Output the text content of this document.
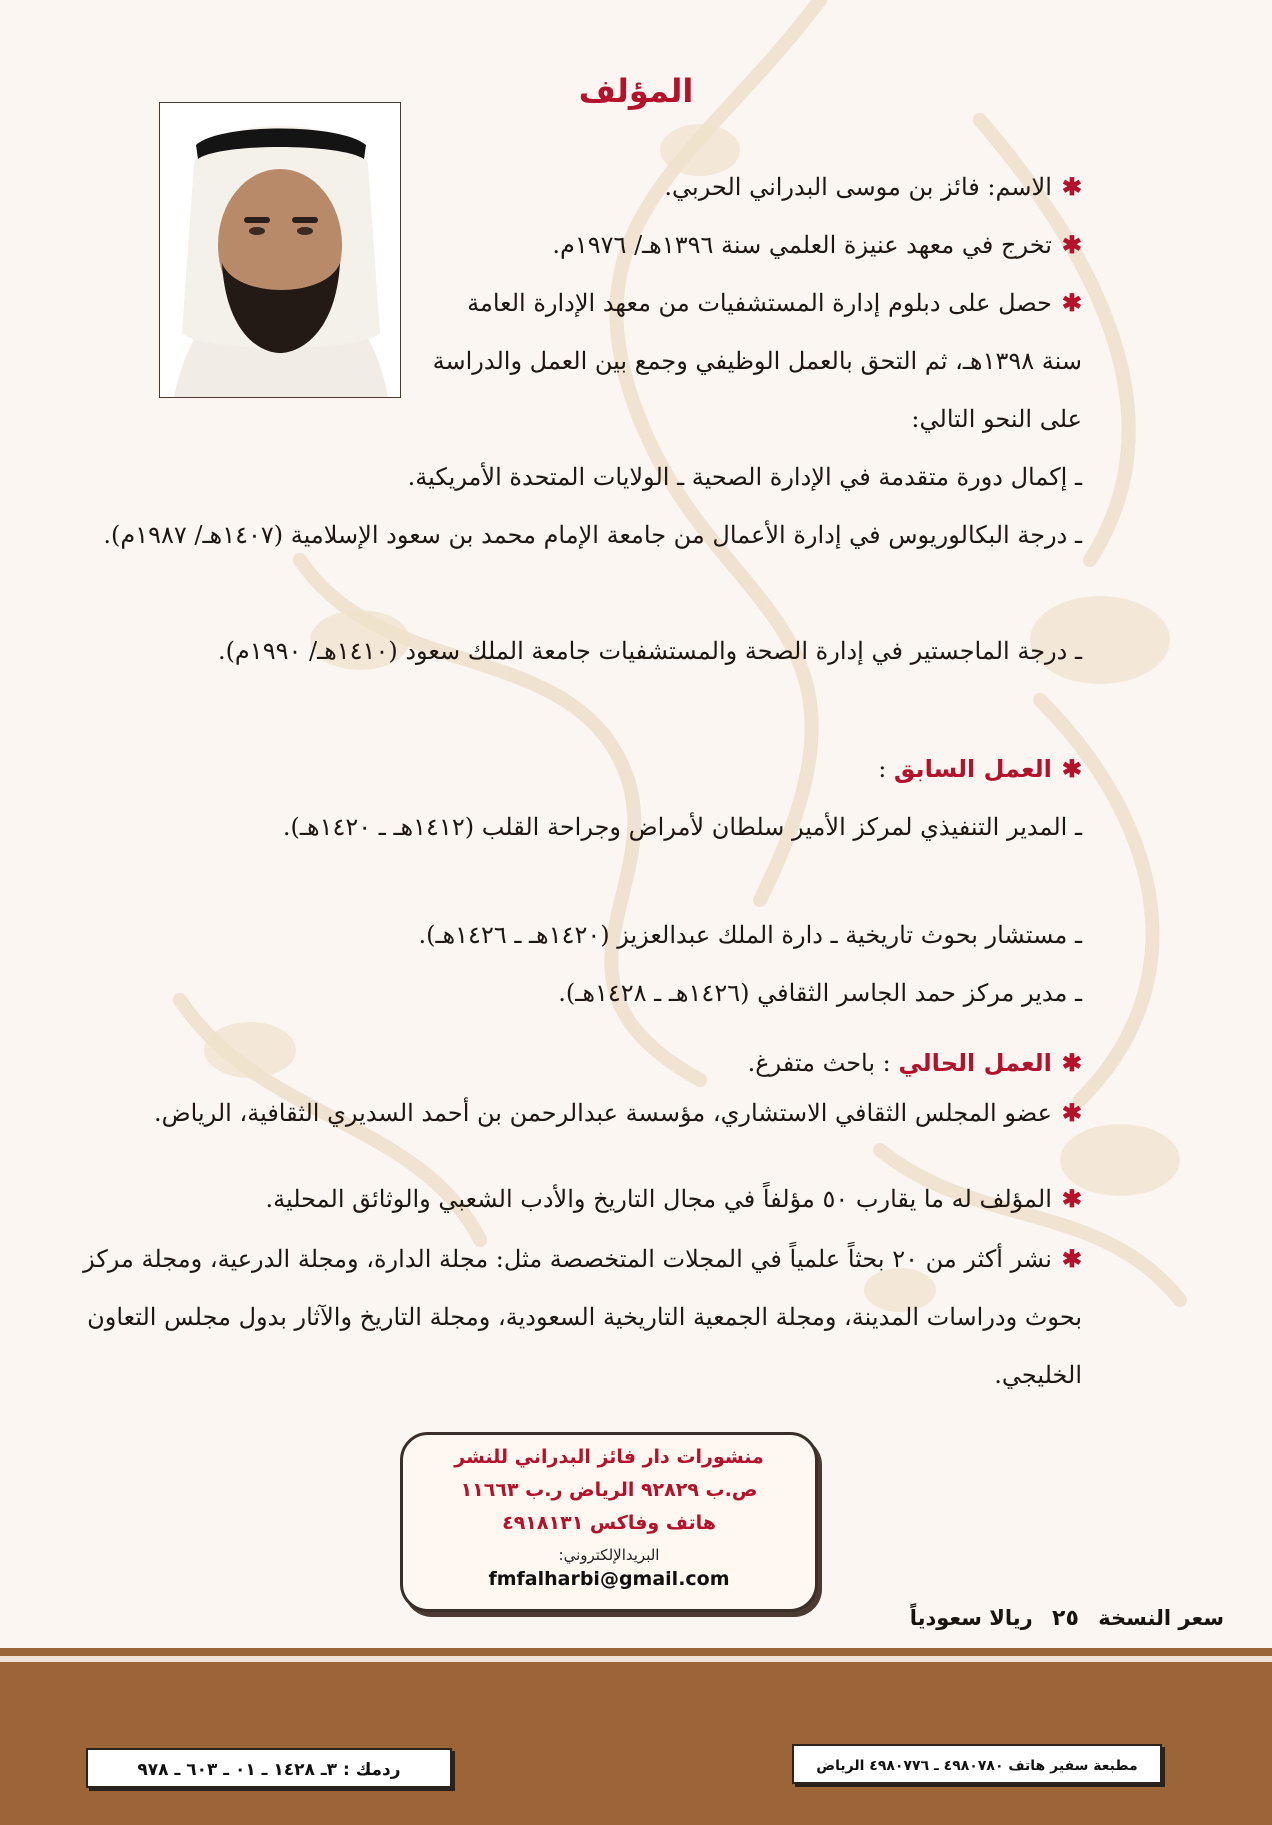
المؤلف

✱الاسم: فائز بن موسى البدراني الحربي.

✱تخرج في معهد عنيزة العلمي سنة ١٣٩٦هـ/ ١٩٧٦م.

✱حصل على دبلوم إدارة المستشفيات من معهد الإدارة العامة سنة ١٣٩٨هـ، ثم التحق بالعمل الوظيفي وجمع بين العمل والدراسة على النحو التالي:

ـ إكمال دورة متقدمة في الإدارة الصحية ـ الولايات المتحدة الأمريكية.

ـ درجة البكالوريوس في إدارة الأعمال من جامعة الإمام محمد بن سعود الإسلامية (١٤٠٧هـ/ ١٩٨٧م).

ـ درجة الماجستير في إدارة الصحة والمستشفيات جامعة الملك سعود (١٤١٠هـ/ ١٩٩٠م).

✱العمل السابق :

ـ المدير التنفيذي لمركز الأمير سلطان لأمراض وجراحة القلب (١٤١٢هـ ـ ١٤٢٠هـ).

ـ مستشار بحوث تاريخية ـ دارة الملك عبدالعزيز (١٤٢٠هـ ـ ١٤٢٦هـ).

ـ مدير مركز حمد الجاسر الثقافي (١٤٢٦هـ ـ ١٤٢٨هـ).

✱العمل الحالي : باحث متفرغ.

✱عضو المجلس الثقافي الاستشاري، مؤسسة عبدالرحمن بن أحمد السديري الثقافية، الرياض.

✱المؤلف له ما يقارب ٥٠ مؤلفاً في مجال التاريخ والأدب الشعبي والوثائق المحلية.

✱نشر أكثر من ٢٠ بحثاً علمياً في المجلات المتخصصة مثل: مجلة الدارة، ومجلة الدرعية، ومجلة مركز بحوث ودراسات المدينة، ومجلة الجمعية التاريخية السعودية، ومجلة التاريخ والآثار بدول مجلس التعاون الخليجي.

منشورات دار فائز البدراني للنشر
ص.ب ٩٢٨٢٩ الرياض ر.ب ١١٦٦٣
هاتف وفاكس ٤٩١٨١٣١
البريدالإلكتروني:
fmfalharbi@gmail.com
سعر النسخة ٢٥ ريالا سعودياً
مطبعة سفير هاتف ٤٩٨٠٧٨٠ ـ ٤٩٨٠٧٧٦ الرياض
ردمك : ٣ـ ١٤٢٨ ـ ٠١ ـ ٦٠٣ ـ ٩٧٨
